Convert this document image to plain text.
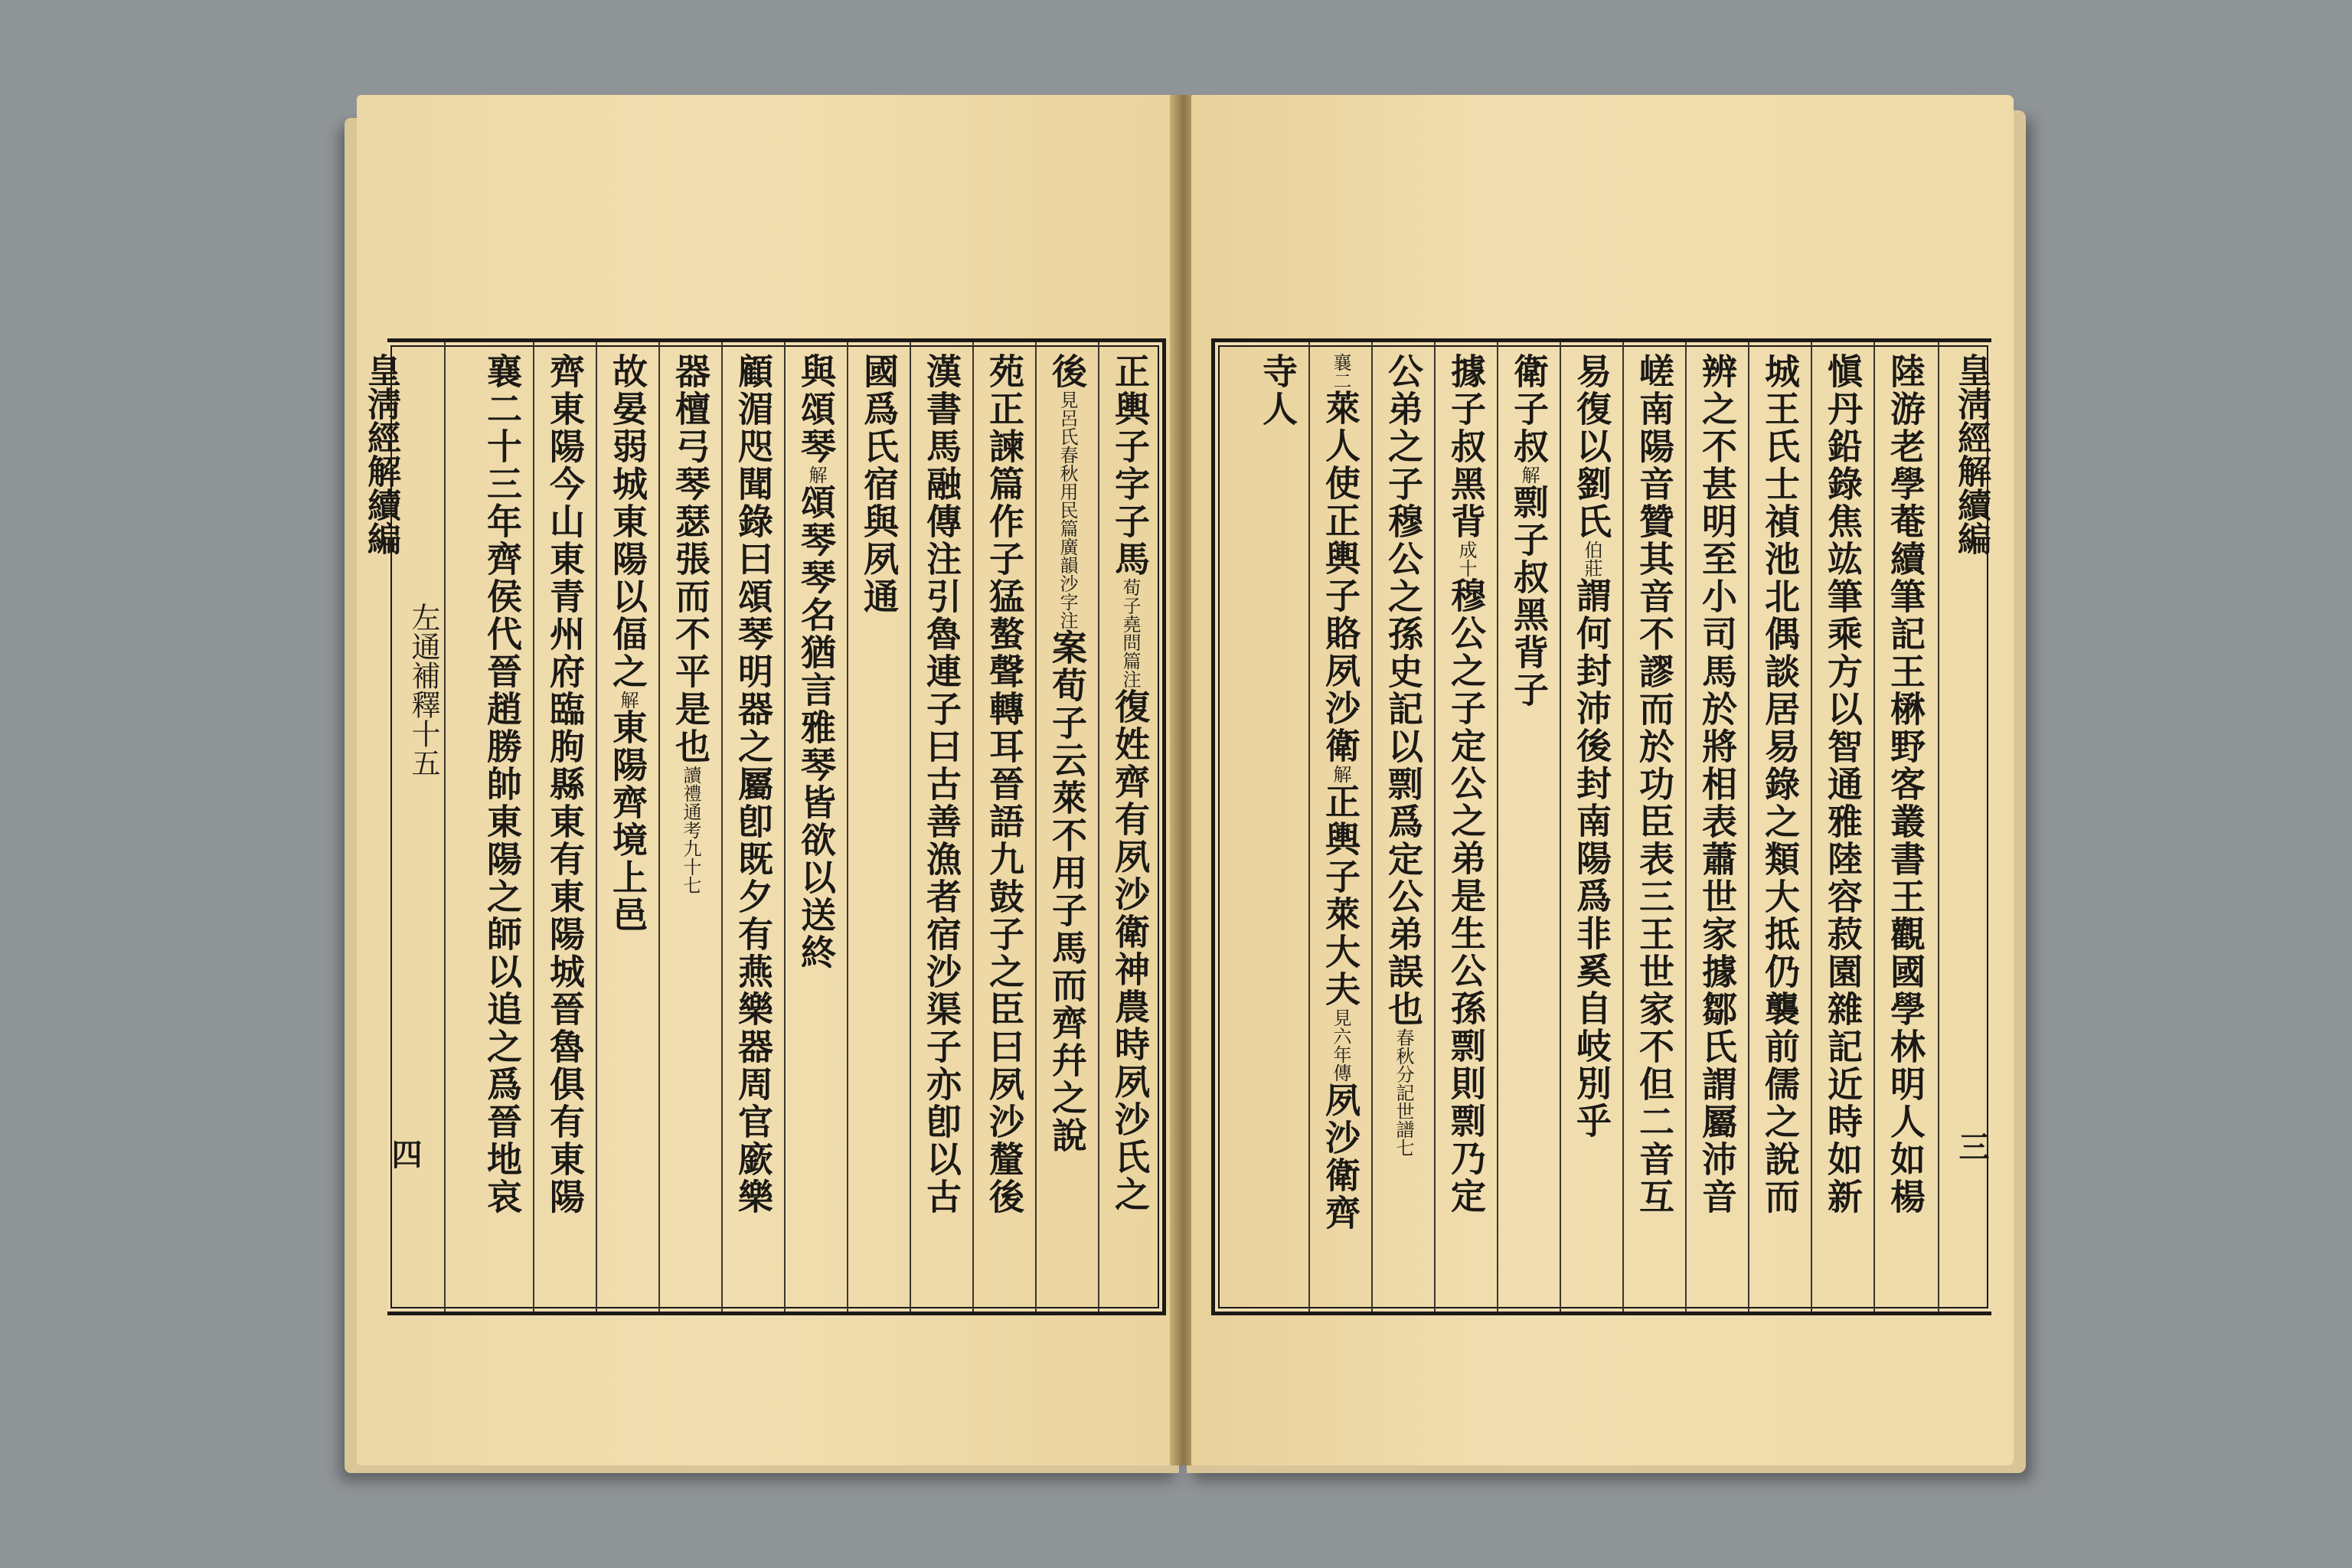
皇淸經解續編
左通補釋十五
四
正輿子字子馬荀子堯問篇注復姓齊有夙沙衛神農時夙沙氏之
後見呂氏春秋用民篇廣韻沙字注案荀子云萊不用子馬而齊幷之說
苑正諫篇作子猛螯聲轉耳晉語九鼓子之臣曰夙沙釐後
漢書馬融傳注引魯連子曰古善漁者宿沙渠子亦卽以古
國爲氏宿與夙通
與頌琴解頌琴琴名猶言雅琴皆欲以送終
顧湄咫聞錄曰頌琴明器之屬卽既夕有燕樂器周官廞樂
器檀弓琴瑟張而不平是也讀禮通考九十七
故晏弱城東陽以偪之解東陽齊境上邑
齊東陽今山東青州府臨朐縣東有東陽城晉魯俱有東陽
襄二十三年齊侯代晉趙勝帥東陽之師以追之爲晉地哀	陸游老學菴續筆記王楙野客叢書王觀國學林明人如楊
愼丹鉛錄焦竑筆乘方以智通雅陸容菽園雜記近時如新
城王氏士禎池北偶談居易錄之類大抵仍襲前儒之說而
辨之不甚明至小司馬於將相表蕭世家據鄒氏謂屬沛音
嵯南陽音贊其音不謬而於功臣表三王世家不但二音互
易復以劉氏伯莊謂何封沛後封南陽爲非奚自岐別乎
衛子叔解剽子叔黑背子
據子叔黑背成十穆公之子定公之弟是生公孫剽則剽乃定
公弟之子穆公之孫史記以剽爲定公弟誤也春秋分記世譜七
襄二萊人使正輿子賂夙沙衛解正輿子萊大夫見六年傳夙沙衛齊
寺人	皇淸經解續編
三
